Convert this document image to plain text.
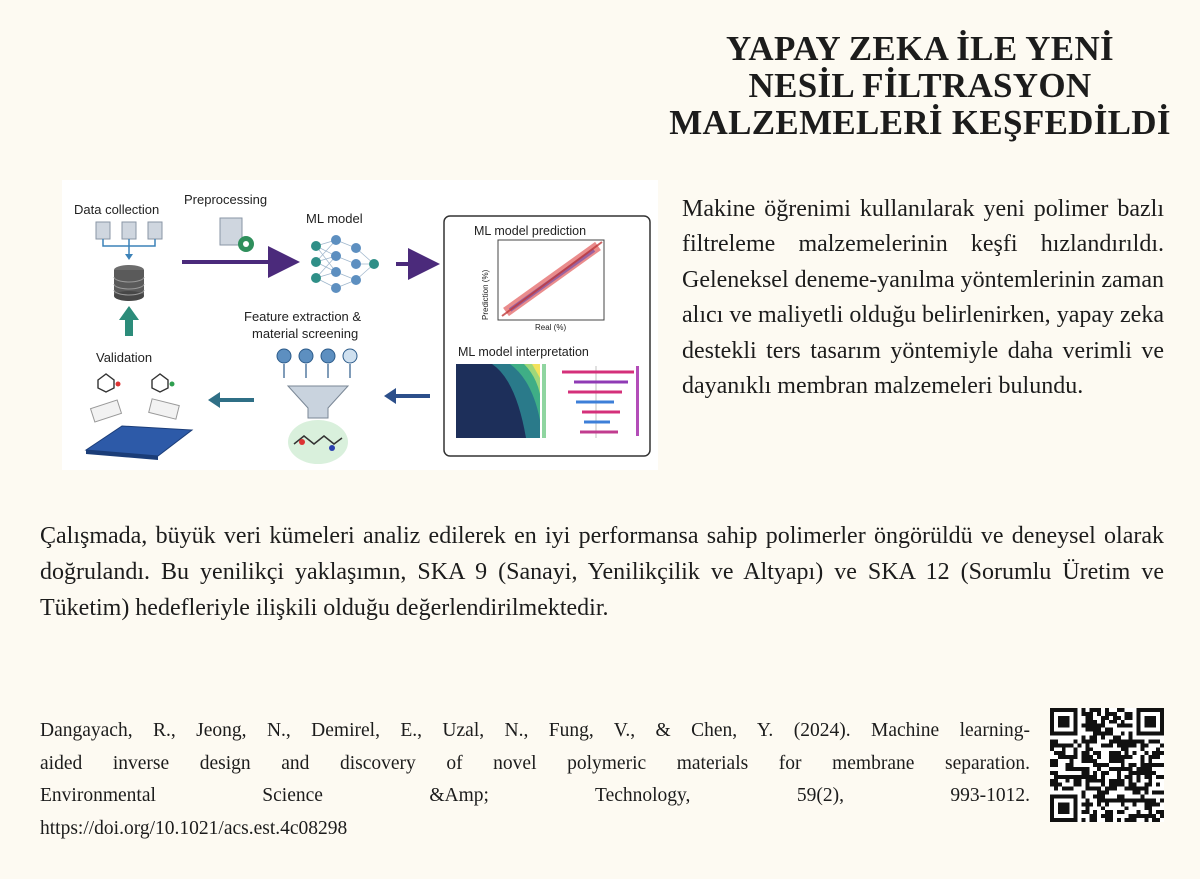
YAPAY ZEKA İLE YENİ
NESİL FİLTRASYON
MALZEMELERİ KEŞFEDİLDİ
Data collection
Preprocessing
ML model
ML model prediction
Prediction (%)
Real (%)
ML model interpretation
Feature extraction &
material screening
Validation
Makine öğrenimi kullanılarak yeni polimer bazlı filtreleme malzemelerinin keşfi hızlandırıldı. Geleneksel deneme-yanılma yöntemlerinin zaman alıcı ve maliyetli olduğu belirlenirken, yapay zeka destekli ters tasarım yöntemiyle daha verimli ve dayanıklı membran malzemeleri bulundu.
Çalışmada, büyük veri kümeleri analiz edilerek en iyi performansa sahip polimerler öngörüldü ve deneysel olarak doğrulandı. Bu yenilikçi yaklaşımın, SKA 9 (Sanayi, Yenilikçilik ve Altyapı) ve SKA 12 (Sorumlu Üretim ve Tüketim) hedefleriyle ilişkili olduğu değerlendirilmektedir.
Dangayach, R., Jeong, N., Demirel, E., Uzal, N., Fung, V., & Chen, Y. (2024). Machine learning-
aided inverse design and discovery of novel polymeric materials for membrane separation.
Environmental Science &Amp; Technology, 59(2), 993-1012.
https://doi.org/10.1021/acs.est.4c08298
